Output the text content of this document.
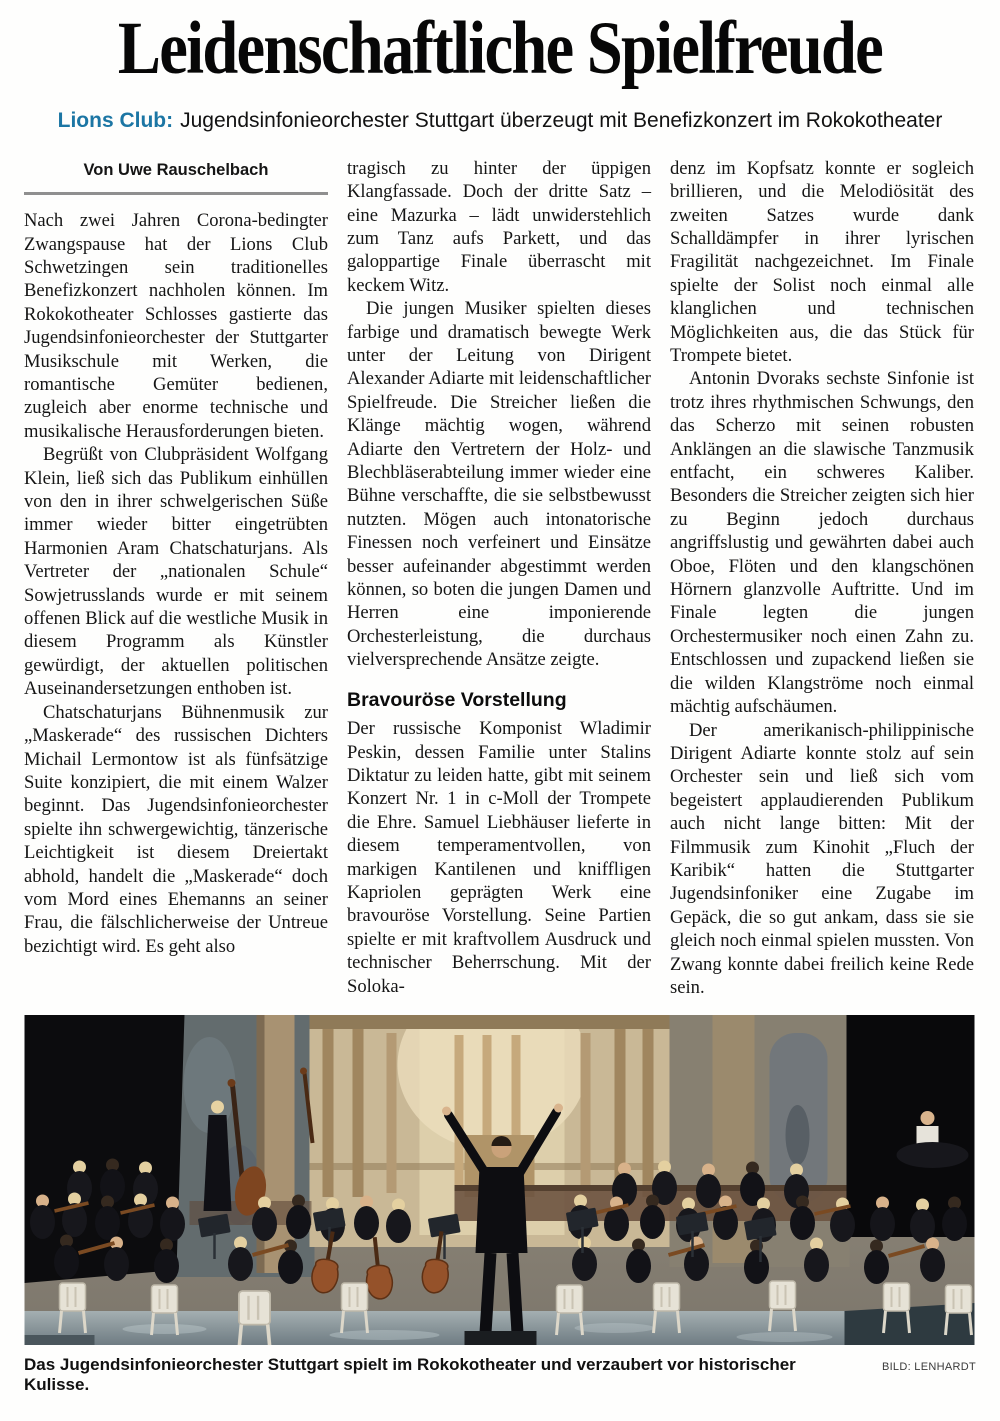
Leidenschaftliche Spielfreude
Lions Club: Jugendsinfonieorchester Stuttgart überzeugt mit Benefizkonzert im Rokokotheater
Von Uwe Rauschelbach

Nach zwei Jahren Corona-bedingter Zwangspause hat der Lions Club Schwetzingen sein traditionelles Benefizkonzert nachholen können. Im Rokokotheater Schlosses gastierte das Jugendsinfonieorchester der Stuttgarter Musikschule mit Werken, die romantische Gemüter bedienen, zugleich aber enorme technische und musikalische Herausforderungen bieten.

Begrüßt von Clubpräsident Wolfgang Klein, ließ sich das Publikum einhüllen von den in ihrer schwelgerischen Süße immer wieder bitter eingetrübten Harmonien Aram Chatschaturjans. Als Vertreter der „nationalen Schule“ Sowjetrusslands wurde er mit seinem offenen Blick auf die westliche Musik in diesem Programm als Künstler gewürdigt, der aktuellen politischen Auseinandersetzungen enthoben ist.

Chatschaturjans Bühnenmusik zur „Maskerade“ des russischen Dichters Michail Lermontow ist als fünfsätzige Suite konzipiert, die mit einem Walzer beginnt. Das Jugendsinfonieorchester spielte ihn schwergewichtig, tänzerische Leichtigkeit ist diesem Dreiertakt abhold, handelt die „Maskerade“ doch vom Mord eines Ehemanns an seiner Frau, die fälschlicherweise der Untreue bezichtigt wird. Es geht also

tragisch zu hinter der üppigen Klangfassade. Doch der dritte Satz – eine Mazurka – lädt unwiderstehlich zum Tanz aufs Parkett, und das galoppartige Finale überrascht mit keckem Witz.

Die jungen Musiker spielten dieses farbige und dramatisch bewegte Werk unter der Leitung von Dirigent Alexander Adiarte mit leidenschaftlicher Spielfreude. Die Streicher ließen die Klänge mächtig wogen, während Adiarte den Vertretern der Holz- und Blechbläserabteilung immer wieder eine Bühne verschaffte, die sie selbstbewusst nutzten. Mögen auch intonatorische Finessen noch verfeinert und Einsätze besser aufeinander abgestimmt werden können, so boten die jungen Damen und Herren eine imponierende Orchesterleistung, die durchaus vielversprechende Ansätze zeigte.

Bravouröse Vorstellung

Der russische Komponist Wladimir Peskin, dessen Familie unter Stalins Diktatur zu leiden hatte, gibt mit seinem Konzert Nr. 1 in c-Moll der Trompete die Ehre. Samuel Liebhäuser lieferte in diesem temperamentvollen, von markigen Kantilenen und kniffligen Kapriolen geprägten Werk eine bravouröse Vorstellung. Seine Partien spielte er mit kraftvollem Ausdruck und technischer Beherrschung. Mit der Soloka-

denz im Kopfsatz konnte er sogleich brillieren, und die Melodiösität des zweiten Satzes wurde dank Schalldämpfer in ihrer lyrischen Fragilität nachgezeichnet. Im Finale spielte der Solist noch einmal alle klanglichen und technischen Möglichkeiten aus, die das Stück für Trompete bietet.

Antonin Dvoraks sechste Sinfonie ist trotz ihres rhythmischen Schwungs, den das Scherzo mit seinen robusten Anklängen an die slawische Tanzmusik entfacht, ein schweres Kaliber. Besonders die Streicher zeigten sich hier zu Beginn jedoch durchaus angriffslustig und gewährten dabei auch Oboe, Flöten und den klangschönen Hörnern glanzvolle Auftritte. Und im Finale legten die jungen Orchestermusiker noch einen Zahn zu. Entschlossen und zupackend ließen sie die wilden Klangströme noch einmal mächtig aufschäumen.

Der amerikanisch-philippinische Dirigent Adiarte konnte stolz auf sein Orchester sein und ließ sich vom begeistert applaudierenden Publikum auch nicht lange bitten: Mit der Filmmusik zum Kinohit „Fluch der Karibik“ hatten die Stuttgarter Jugendsinfoniker eine Zugabe im Gepäck, die so gut ankam, dass sie sie gleich noch einmal spielen mussten. Von Zwang konnte dabei freilich keine Rede sein.

Das Jugendsinfonieorchester Stuttgart spielt im Rokokotheater und verzaubert vor historischer Kulisse.
BILD: LENHARDT
